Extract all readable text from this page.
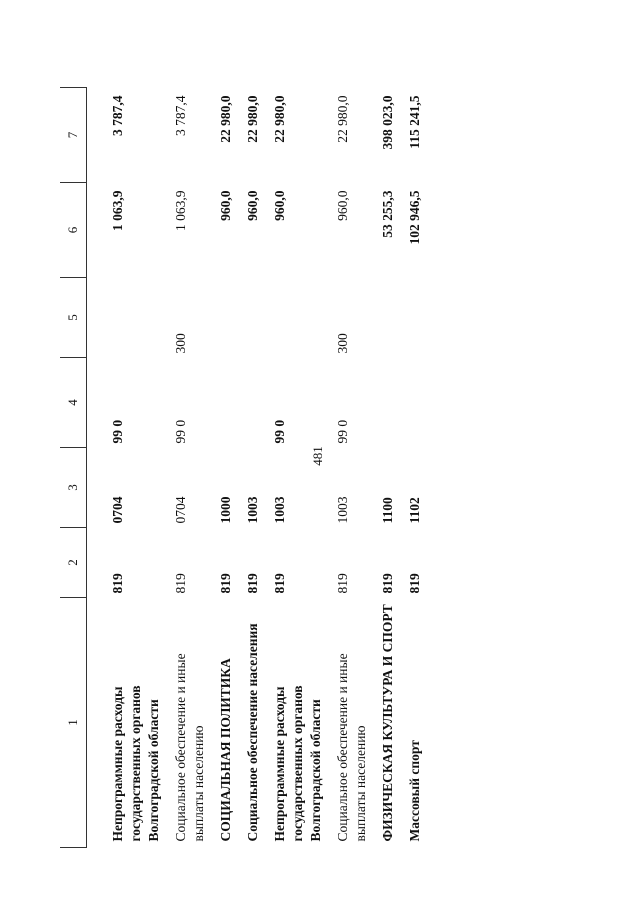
481
1	2	3	4	5	6	7
Непрограммные расходы государственных органов Волгоградской области	819	0704	99 0		1 063,9	3 787,4
Социальное обеспечение и иные выплаты населению	819	0704	99 0	300	1 063,9	3 787,4
СОЦИАЛЬНАЯ ПОЛИТИКА	819	1000			960,0	22 980,0
Социальное обеспечение населения	819	1003			960,0	22 980,0
Непрограммные расходы государственных органов Волгоградской области	819	1003	99 0		960,0	22 980,0
Социальное обеспечение и иные выплаты населению	819	1003	99 0	300	960,0	22 980,0
ФИЗИЧЕСКАЯ КУЛЬТУРА И СПОРТ	819	1100			53 255,3	398 023,0
Массовый спорт	819	1102			102 946,5	115 241,5
